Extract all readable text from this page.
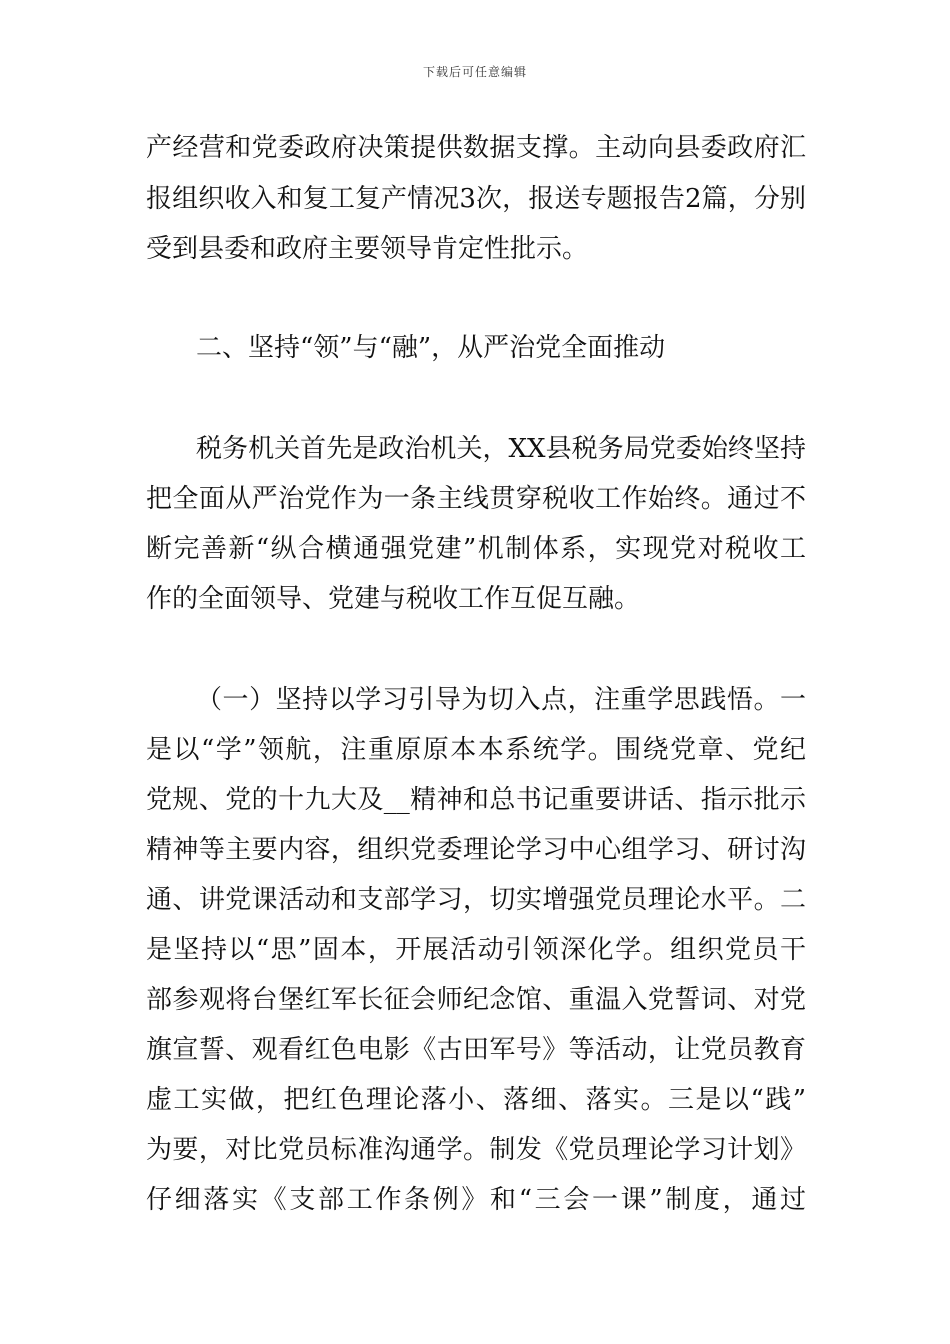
下载后可任意编辑
产经营和党委政府决策提供数据支撑。主动向县委政府汇
报组织收入和复工复产情况3次，报送专题报告2篇，分别
受到县委和政府主要领导肯定性批示。
二、坚持“领”与“融”，从严治党全面推动
税务机关首先是政治机关，XX县税务局党委始终坚持
把全面从严治党作为一条主线贯穿税收工作始终。通过不
断完善新“纵合横通强党建”机制体系，实现党对税收工
作的全面领导、党建与税收工作互促互融。
（一）坚持以学习引导为切入点，注重学思践悟。一
是以“学”领航，注重原原本本系统学。围绕党章、党纪
党规、党的十九大及__精神和总书记重要讲话、指示批示
精神等主要内容，组织党委理论学习中心组学习、研讨沟
通、讲党课活动和支部学习，切实增强党员理论水平。二
是坚持以“思”固本，开展活动引领深化学。组织党员干
部参观将台堡红军长征会师纪念馆、重温入党誓词、对党
旗宣誓、观看红色电影《古田军号》等活动，让党员教育
虚工实做，把红色理论落小、落细、落实。三是以“践”
为要，对比党员标准沟通学。制发《党员理论学习计划》
仔细落实《支部工作条例》和“三会一课”制度，通过
